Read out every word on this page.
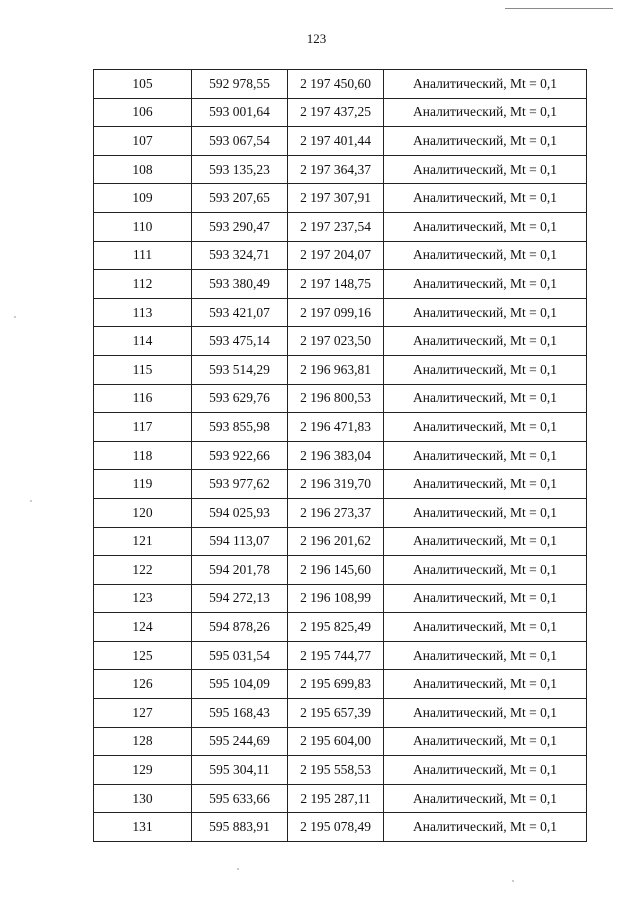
123
105	592 978,55	2 197 450,60	Аналитический, Mt = 0,1
106	593 001,64	2 197 437,25	Аналитический, Mt = 0,1
107	593 067,54	2 197 401,44	Аналитический, Mt = 0,1
108	593 135,23	2 197 364,37	Аналитический, Mt = 0,1
109	593 207,65	2 197 307,91	Аналитический, Mt = 0,1
110	593 290,47	2 197 237,54	Аналитический, Mt = 0,1
111	593 324,71	2 197 204,07	Аналитический, Mt = 0,1
112	593 380,49	2 197 148,75	Аналитический, Mt = 0,1
113	593 421,07	2 197 099,16	Аналитический, Mt = 0,1
114	593 475,14	2 197 023,50	Аналитический, Mt = 0,1
115	593 514,29	2 196 963,81	Аналитический, Mt = 0,1
116	593 629,76	2 196 800,53	Аналитический, Mt = 0,1
117	593 855,98	2 196 471,83	Аналитический, Mt = 0,1
118	593 922,66	2 196 383,04	Аналитический, Mt = 0,1
119	593 977,62	2 196 319,70	Аналитический, Mt = 0,1
120	594 025,93	2 196 273,37	Аналитический, Mt = 0,1
121	594 113,07	2 196 201,62	Аналитический, Mt = 0,1
122	594 201,78	2 196 145,60	Аналитический, Mt = 0,1
123	594 272,13	2 196 108,99	Аналитический, Mt = 0,1
124	594 878,26	2 195 825,49	Аналитический, Mt = 0,1
125	595 031,54	2 195 744,77	Аналитический, Mt = 0,1
126	595 104,09	2 195 699,83	Аналитический, Mt = 0,1
127	595 168,43	2 195 657,39	Аналитический, Mt = 0,1
128	595 244,69	2 195 604,00	Аналитический, Mt = 0,1
129	595 304,11	2 195 558,53	Аналитический, Mt = 0,1
130	595 633,66	2 195 287,11	Аналитический, Mt = 0,1
131	595 883,91	2 195 078,49	Аналитический, Mt = 0,1
